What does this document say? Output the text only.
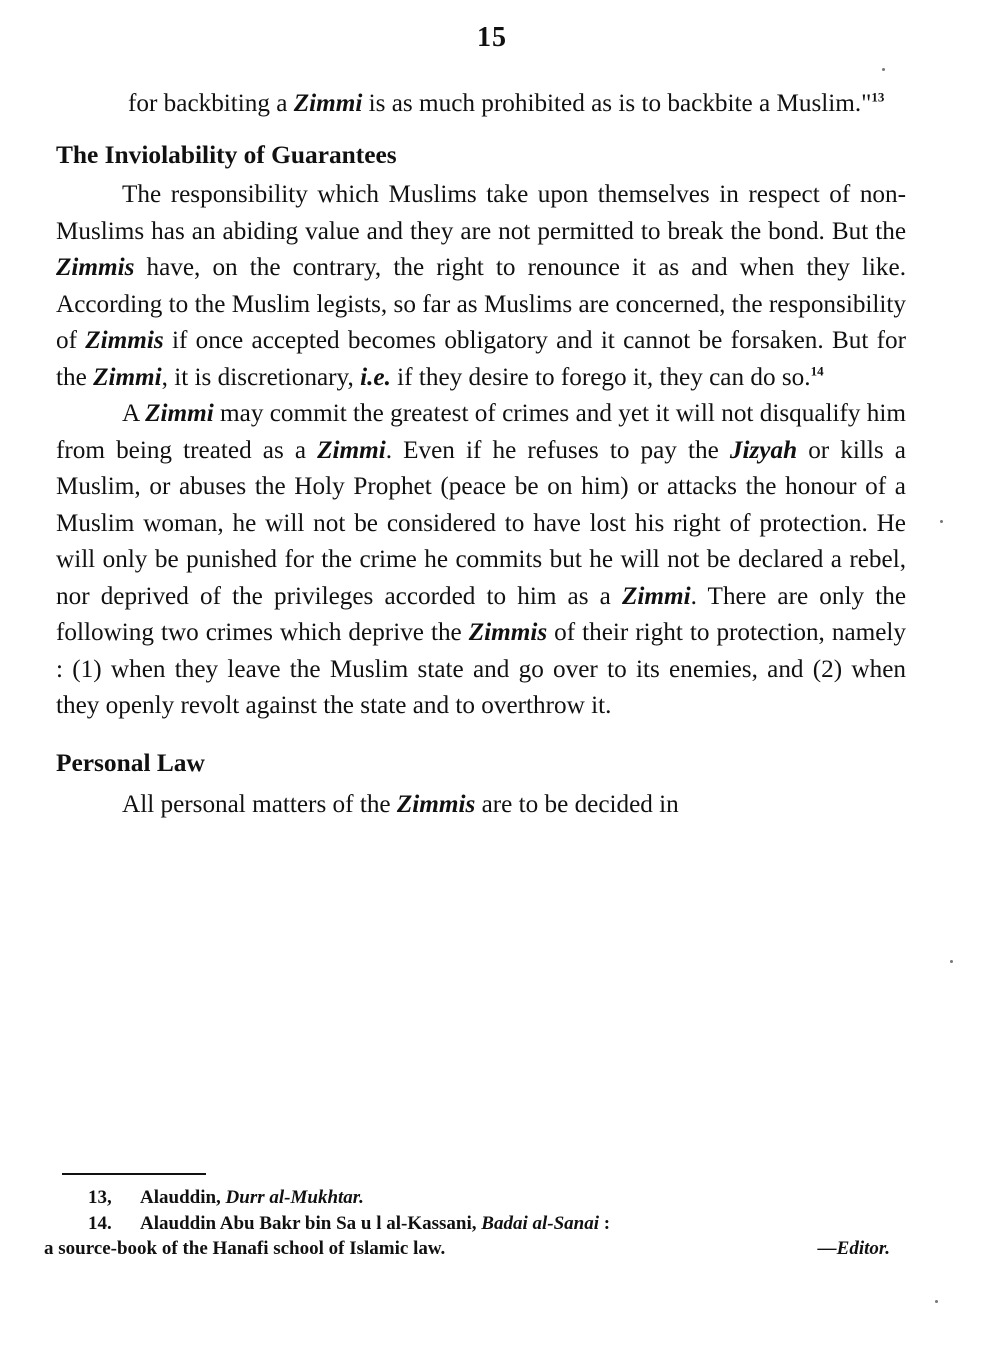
15

for backbiting a Zimmi is as much prohibited as is to backbite a Muslim."$^{13}$

The Inviolability of Guarantees

The responsibility which Muslims take upon themselves in respect of non-Muslims has an abiding value and they are not permitted to break the bond. But the Zimmis have, on the contrary, the right to renounce it as and when they like. According to the Muslim legists, so far as Muslims are concerned, the responsibility of Zimmis if once accepted becomes obligatory and it cannot be forsaken. But for the Zimmi, it is discretionary, i.e. if they desire to forego it, they can do so.$^{14}$

A Zimmi may commit the greatest of crimes and yet it will not disqualify him from being treated as a Zimmi. Even if he refuses to pay the Jizyah or kills a Muslim, or abuses the Holy Prophet (peace be on him) or attacks the honour of a Muslim woman, he will not be considered to have lost his right of protection. He will only be punished for the crime he commits but he will not be declared a rebel, nor deprived of the privileges accorded to him as a Zimmi. There are only the following two crimes which deprive the Zimmis of their right to protection, namely : (1) when they leave the Muslim state and go over to its enemies, and (2) when they openly revolt against the state and to overthrow it.

Personal Law

All personal matters of the Zimmis are to be decided in

13, Alauddin, Durr al-Mukhtar.

14. Alauddin Abu Bakr bin Sa u l al-Kassani, Badai al-Sanai :

a source-book of the Hanafi school of Islamic law.	—Editor.
